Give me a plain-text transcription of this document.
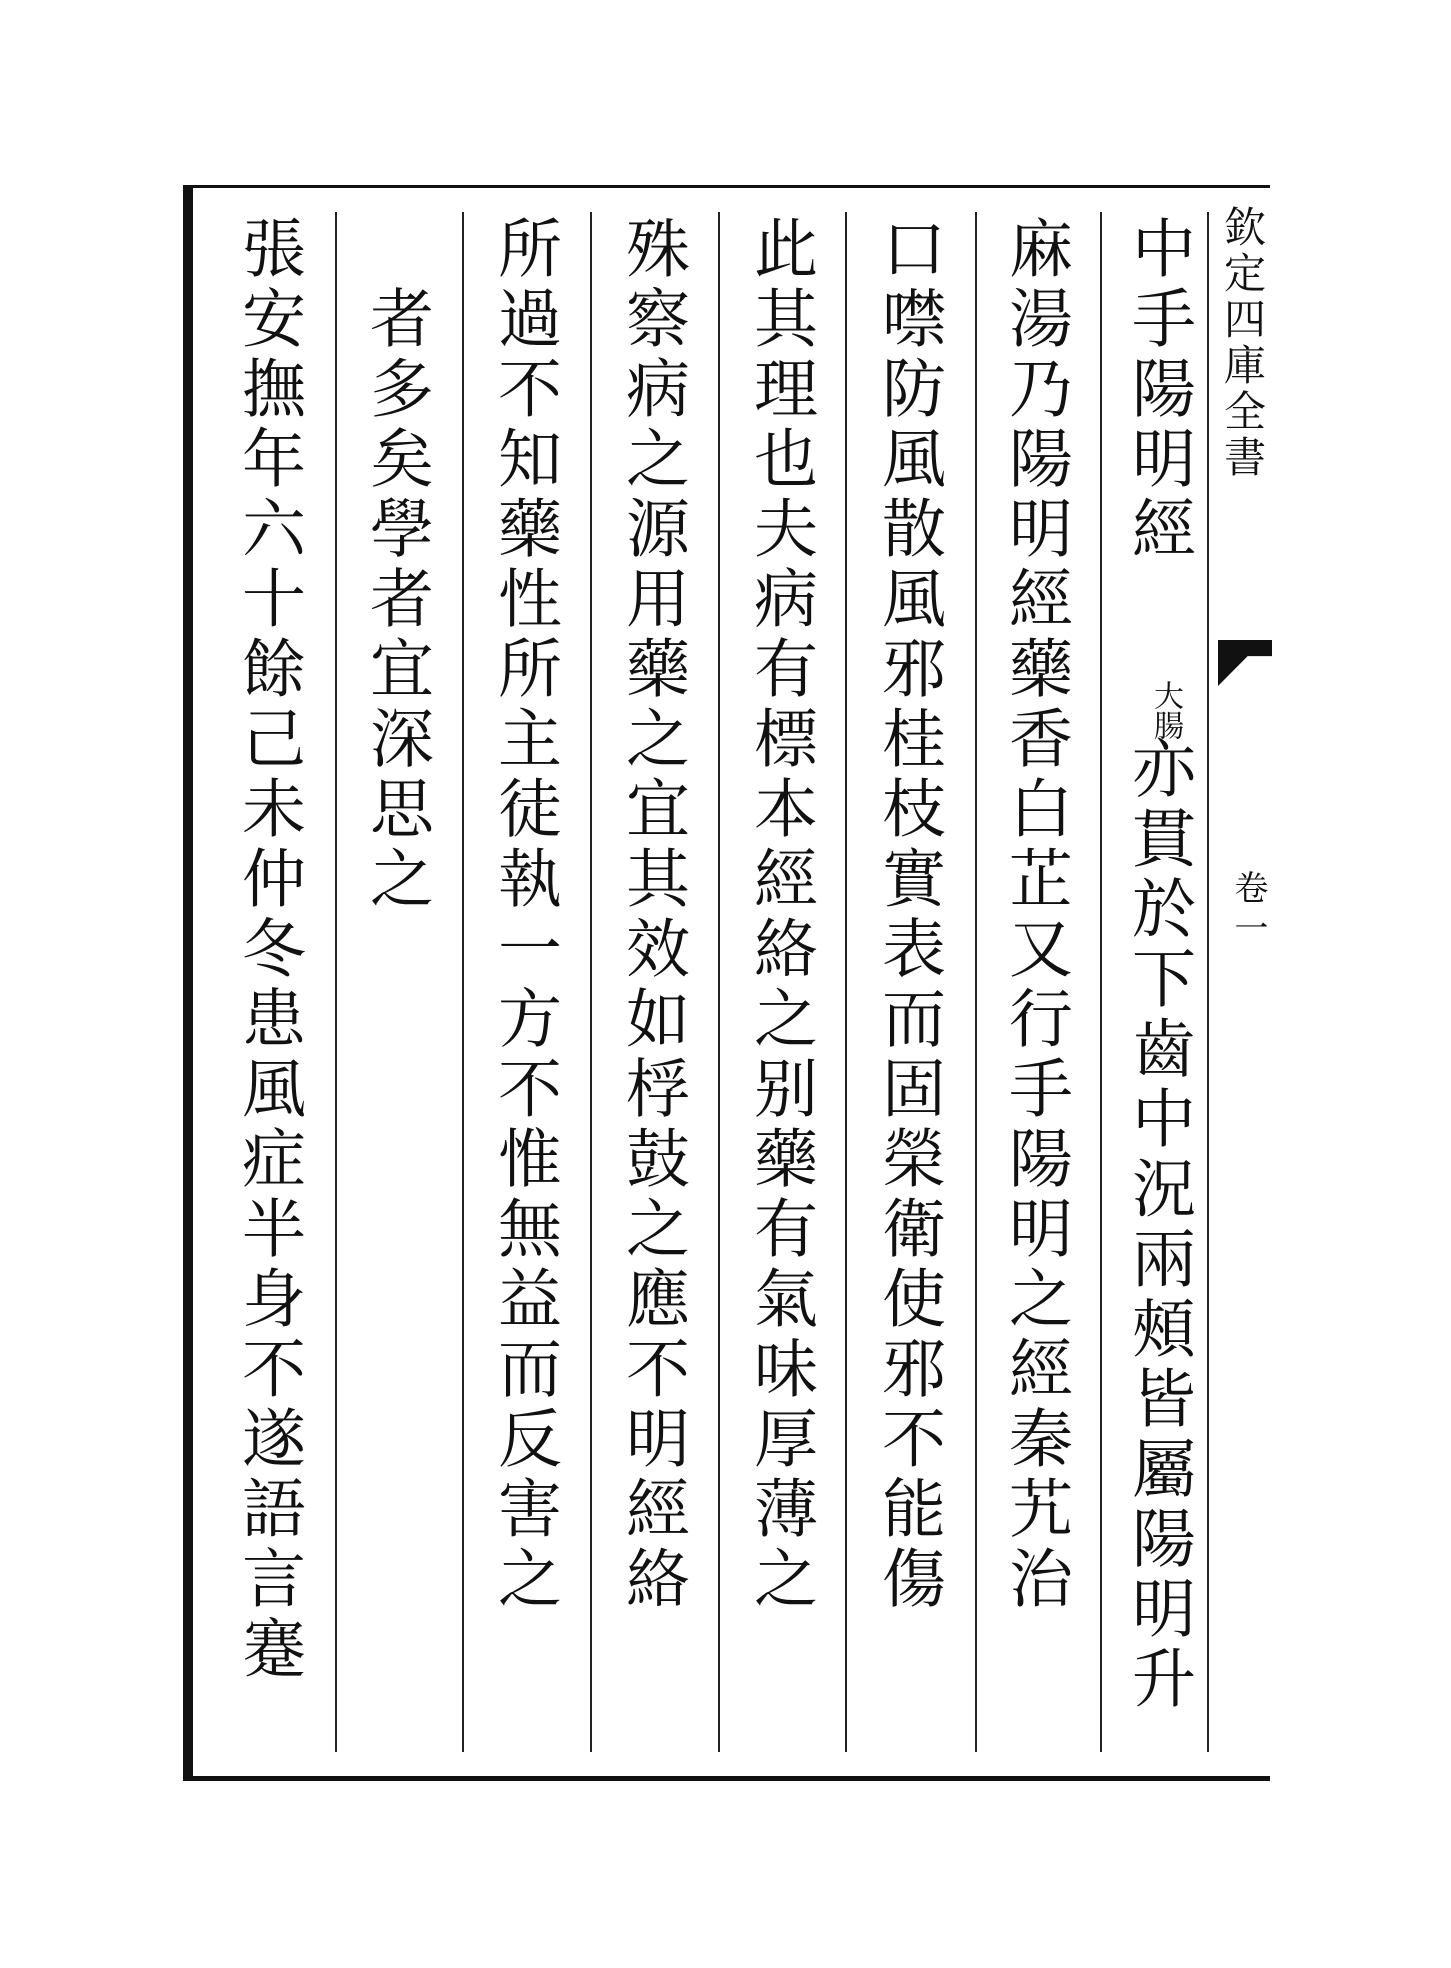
欽定四庫全書
卷一
中手陽明經
大腸
亦貫於下齒中況兩頰皆屬陽明升
麻湯乃陽明經藥香白芷又行手陽明之經秦艽治
口噤防風散風邪桂枝實表而固榮衛使邪不能傷
此其理也夫病有標本經絡之别藥有氣味厚薄之
殊察病之源用藥之宜其效如桴鼓之應不明經絡
所過不知藥性所主徒執一方不惟無益而反害之
者多矣學者宜深思之
張安撫年六十餘己未仲冬患風症半身不遂語言蹇
